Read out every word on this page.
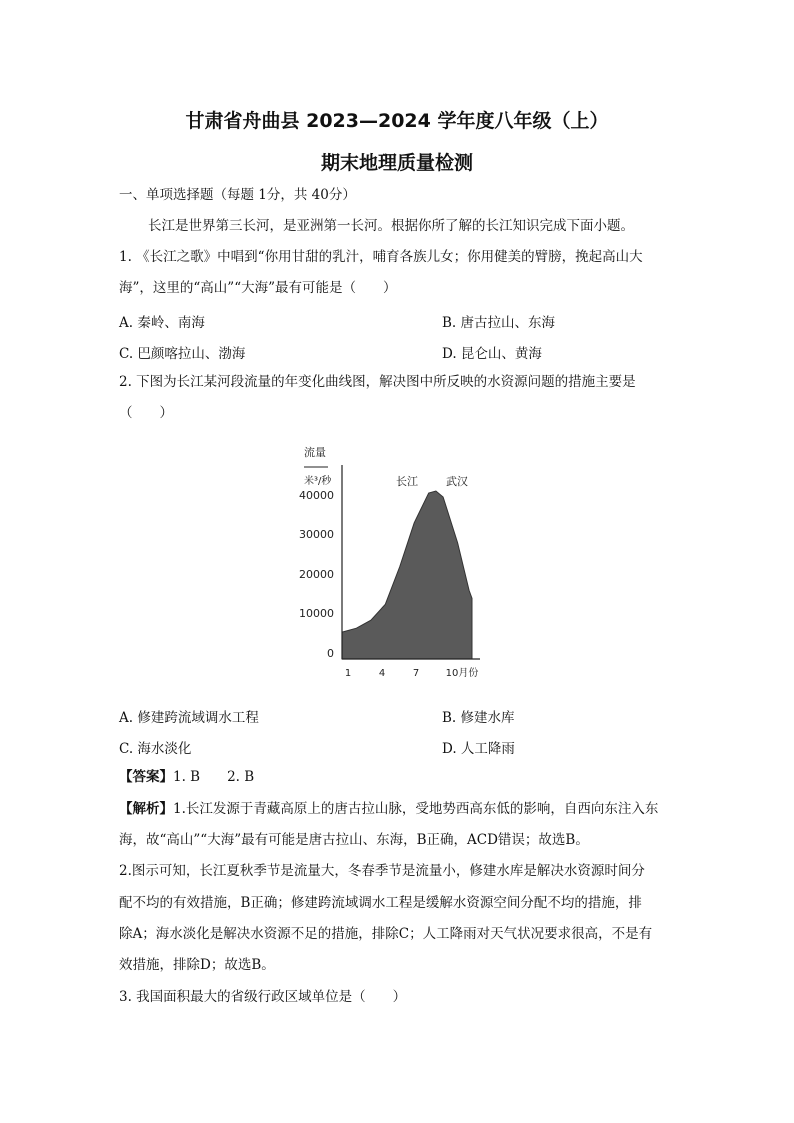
甘肃省舟曲县 2023—2024 学年度八年级（上）
期末地理质量检测
一、单项选择题（每题 1分，共 40分）
长江是世界第三长河，是亚洲第一长河。根据你所了解的长江知识完成下面小题。
1. 《长江之歌》中唱到“你用甘甜的乳汁，哺育各族儿女；你用健美的臂膀，挽起高山大
海”，这里的“高山”“大海”最有可能是（　　）
A. 秦岭、南海	B. 唐古拉山、东海
C. 巴颜喀拉山、渤海	D. 昆仑山、黄海
2. 下图为长江某河段流量的年变化曲线图，解决图中所反映的水资源问题的措施主要是
（　　）
流量
米³/秒
40000
30000
20000
10000
0
1	4	7	10月份
长江	武汉
A. 修建跨流域调水工程	B. 修建水库
C. 海水淡化	D. 人工降雨
【答案】1. B　　2. B
【解析】1.长江发源于青藏高原上的唐古拉山脉，受地势西高东低的影响，自西向东注入东
海，故“高山”“大海”最有可能是唐古拉山、东海，B正确，ACD错误；故选B。
2.图示可知，长江夏秋季节是流量大，冬春季节是流量小，修建水库是解决水资源时间分
配不均的有效措施，B正确；修建跨流域调水工程是缓解水资源空间分配不均的措施，排
除A；海水淡化是解决水资源不足的措施，排除C；人工降雨对天气状况要求很高，不是有
效措施，排除D；故选B。
3. 我国面积最大的省级行政区域单位是（　　）
